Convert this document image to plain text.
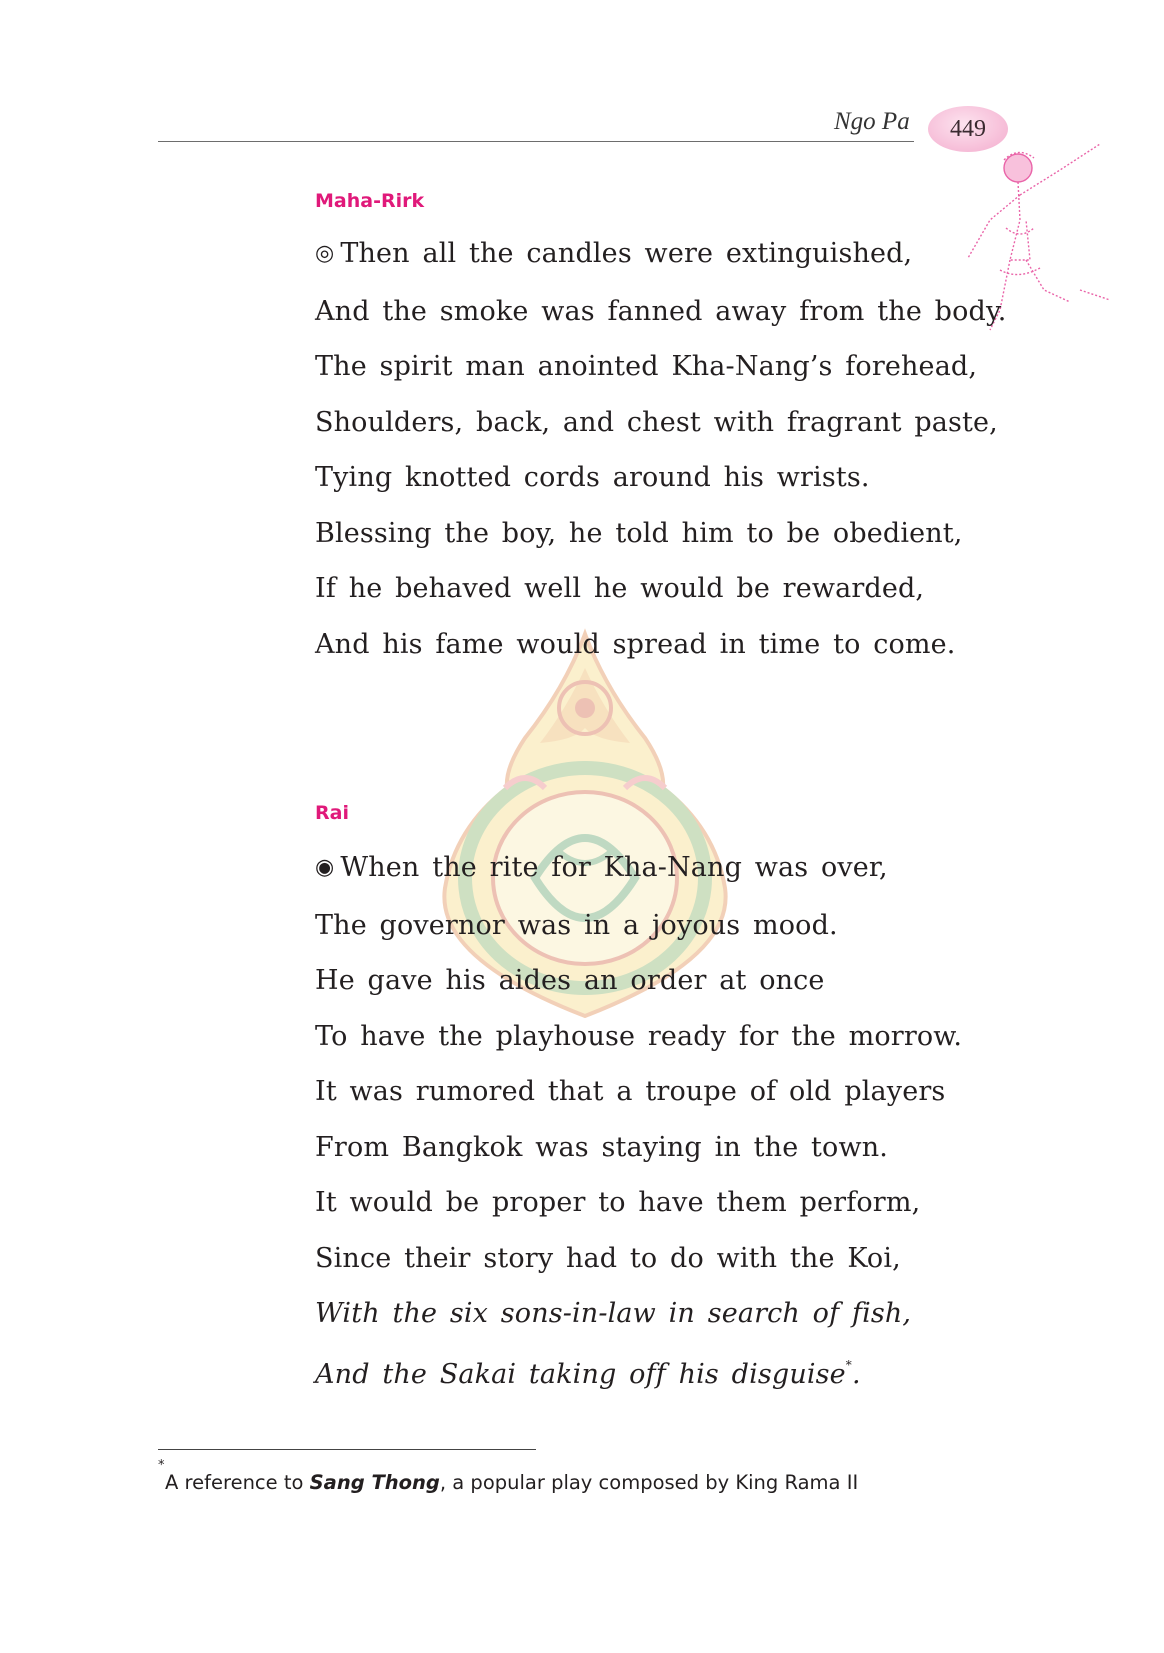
Ngo Pa 449

Maha-Rirk

◎ Then all the candles were extinguished,
And the smoke was fanned away from the body.
The spirit man anointed Kha-Nang’s forehead,
Shoulders, back, and chest with fragrant paste,
Tying knotted cords around his wrists.
Blessing the boy, he told him to be obedient,
If he behaved well he would be rewarded,
And his fame would spread in time to come.

Rai

◉ When the rite for Kha-Nang was over,
The governor was in a joyous mood.
He gave his aides an order at once
To have the playhouse ready for the morrow.
It was rumored that a troupe of old players
From Bangkok was staying in the town.
It would be proper to have them perform,
Since their story had to do with the Koi,
With the six sons-in-law in search of fish,
And the Sakai taking off his disguise*.
*
A reference to Sang Thong, a popular play composed by King Rama II
